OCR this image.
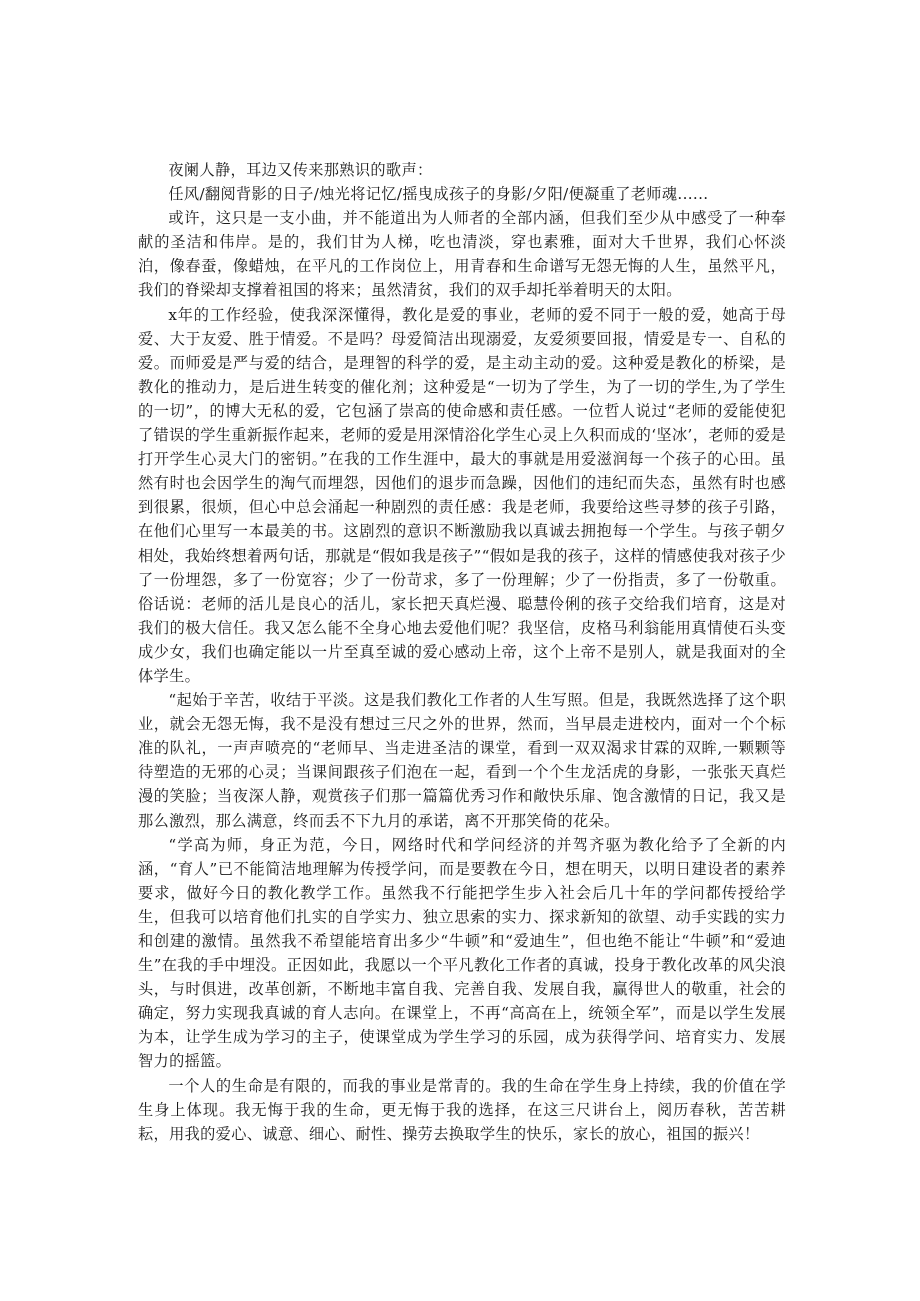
夜阑人静，耳边又传来那熟识的歌声：

任风/翻阅背影的日子/烛光将记忆/摇曳成孩子的身影/夕阳/便凝重了老师魂......

或许，这只是一支小曲，并不能道出为人师者的全部内涵，但我们至少从中感受了一种奉献的圣洁和伟岸。是的，我们甘为人梯，吃也清淡，穿也素雅，面对大千世界，我们心怀淡泊，像春蚕，像蜡烛，在平凡的工作岗位上，用青春和生命谱写无怨无悔的人生，虽然平凡，我们的脊梁却支撑着祖国的将来；虽然清贫，我们的双手却托举着明天的太阳。

x年的工作经验，使我深深懂得，教化是爱的事业，老师的爱不同于一般的爱，她高于母爱、大于友爱、胜于情爱。不是吗？母爱简洁出现溺爱，友爱须要回报，情爱是专一、自私的爱。而师爱是严与爱的结合，是理智的科学的爱，是主动主动的爱。这种爱是教化的桥梁，是教化的推动力，是后进生转变的催化剂；这种爱是“一切为了学生，为了一切的学生,为了学生的一切”，的博大无私的爱，它包涵了崇高的使命感和责任感。一位哲人说过“老师的爱能使犯了错误的学生重新振作起来，老师的爱是用深情浴化学生心灵上久积而成的‘坚冰’，老师的爱是打开学生心灵大门的密钥。”在我的工作生涯中，最大的事就是用爱滋润每一个孩子的心田。虽然有时也会因学生的淘气而埋怨，因他们的退步而急躁，因他们的违纪而失态，虽然有时也感到很累，很烦，但心中总会涌起一种剧烈的责任感：我是老师，我要给这些寻梦的孩子引路，在他们心里写一本最美的书。这剧烈的意识不断激励我以真诚去拥抱每一个学生。与孩子朝夕相处，我始终想着两句话，那就是“假如我是孩子”“假如是我的孩子，这样的情感使我对孩子少了一份埋怨，多了一份宽容；少了一份苛求，多了一份理解；少了一份指责，多了一份敬重。俗话说：老师的活儿是良心的活儿，家长把天真烂漫、聪慧伶俐的孩子交给我们培育，这是对我们的极大信任。我又怎么能不全身心地去爱他们呢？我坚信，皮格马利翁能用真情使石头变成少女，我们也确定能以一片至真至诚的爱心感动上帝，这个上帝不是别人，就是我面对的全体学生。

“起始于辛苦，收结于平淡。这是我们教化工作者的人生写照。但是，我既然选择了这个职业，就会无怨无悔，我不是没有想过三尺之外的世界，然而，当早晨走进校内，面对一个个标准的队礼，一声声喷亮的“老师早、当走进圣洁的课堂，看到一双双渴求甘霖的双眸,一颗颗等待塑造的无邪的心灵；当课间跟孩子们泡在一起，看到一个个生龙活虎的身影，一张张天真烂漫的笑脸；当夜深人静，观赏孩子们那一篇篇优秀习作和敞快乐扉、饱含激情的日记，我又是那么激烈，那么满意，终而丢不下九月的承诺，离不开那笑倚的花朵。

“学高为师，身正为范，今日，网络时代和学问经济的并驾齐驱为教化给予了全新的内涵，“育人”已不能简洁地理解为传授学问，而是要教在今日，想在明天，以明日建设者的素养要求，做好今日的教化教学工作。虽然我不行能把学生步入社会后几十年的学问都传授给学生，但我可以培育他们扎实的自学实力、独立思索的实力、探求新知的欲望、动手实践的实力和创建的激情。虽然我不希望能培育出多少“牛顿”和“爱迪生”，但也绝不能让“牛顿”和“爱迪生”在我的手中埋没。正因如此，我愿以一个平凡教化工作者的真诚，投身于教化改革的风尖浪头，与时俱进，改革创新，不断地丰富自我、完善自我、发展自我，赢得世人的敬重，社会的确定，努力实现我真诚的育人志向。在课堂上，不再“高高在上，统领全军”，而是以学生发展为本，让学生成为学习的主子，使课堂成为学生学习的乐园，成为获得学问、培育实力、发展智力的摇篮。

一个人的生命是有限的，而我的事业是常青的。我的生命在学生身上持续，我的价值在学生身上体现。我无悔于我的生命，更无悔于我的选择，在这三尺讲台上，阅历春秋，苦苦耕耘，用我的爱心、诚意、细心、耐性、操劳去换取学生的快乐，家长的放心，祖国的振兴！
